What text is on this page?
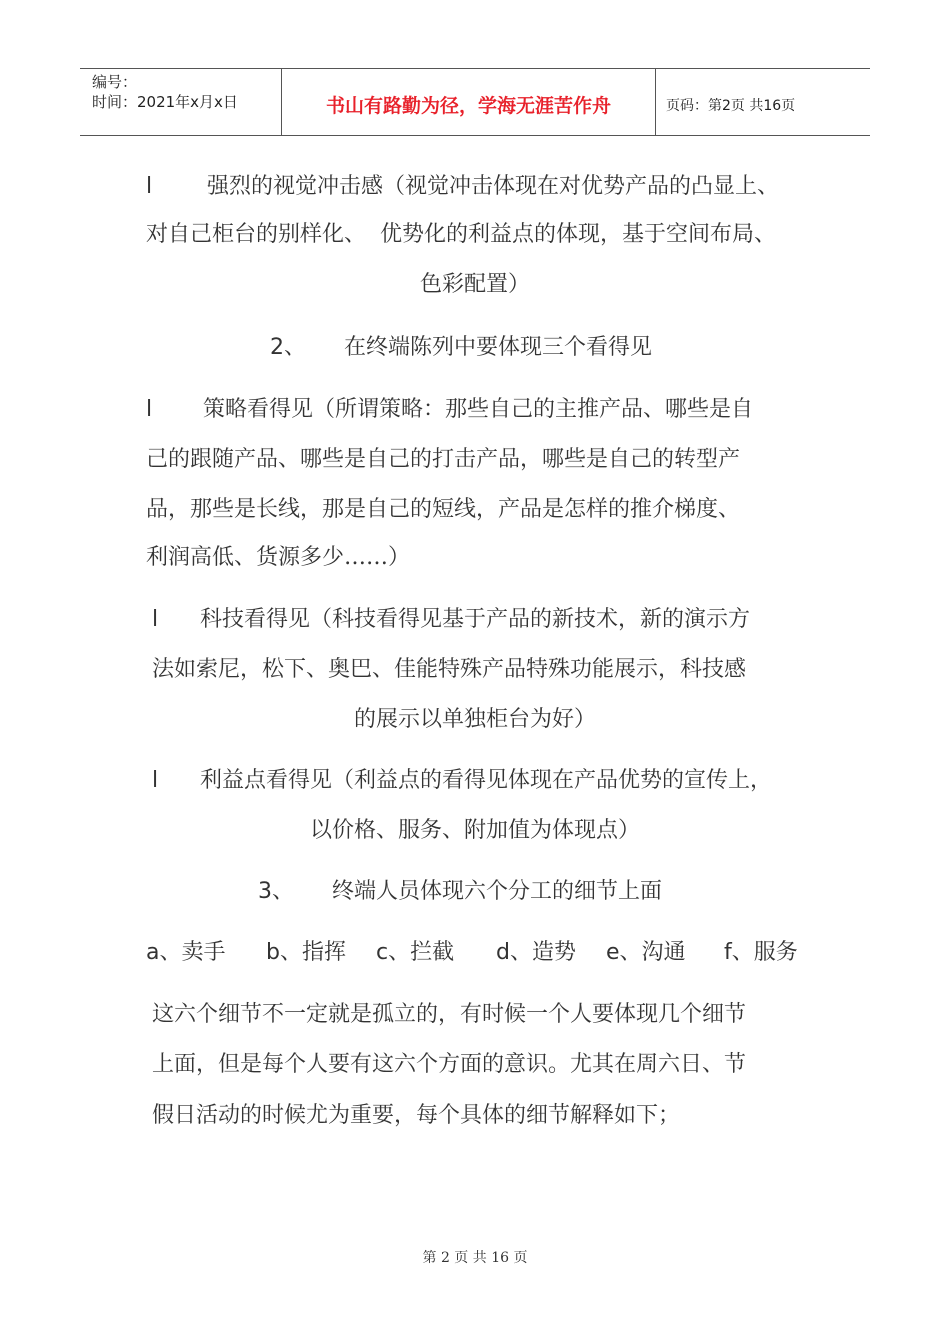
编号：
时间：2021年x月x日	书山有路勤为径，学海无涯苦作舟	页码：第2页 共16页
l 强烈的视觉冲击感（视觉冲击体现在对优势产品的凸显上、
对自己柜台的别样化、  优势化的利益点的体现，基于空间布局、
色彩配置）
2、 在终端陈列中要体现三个看得见
l 策略看得见（所谓策略：那些自己的主推产品、哪些是自
己的跟随产品、哪些是自己的打击产品，哪些是自己的转型产
品，那些是长线，那是自己的短线，产品是怎样的推介梯度、
利润高低、货源多少……）
l 科技看得见（科技看得见基于产品的新技术，新的演示方
法如索尼，松下、奥巴、佳能特殊产品特殊功能展示，科技感
的展示以单独柜台为好）
l 利益点看得见（利益点的看得见体现在产品优势的宣传上，
以价格、服务、附加值为体现点）
3、 终端人员体现六个分工的细节上面
a、卖手 b、指挥 c、拦截 d、造势 e、沟通 f、服务
这六个细节不一定就是孤立的，有时候一个人要体现几个细节
上面，但是每个人要有这六个方面的意识。尤其在周六日、节
假日活动的时候尤为重要，每个具体的细节解释如下；
第 2 页 共 16 页
